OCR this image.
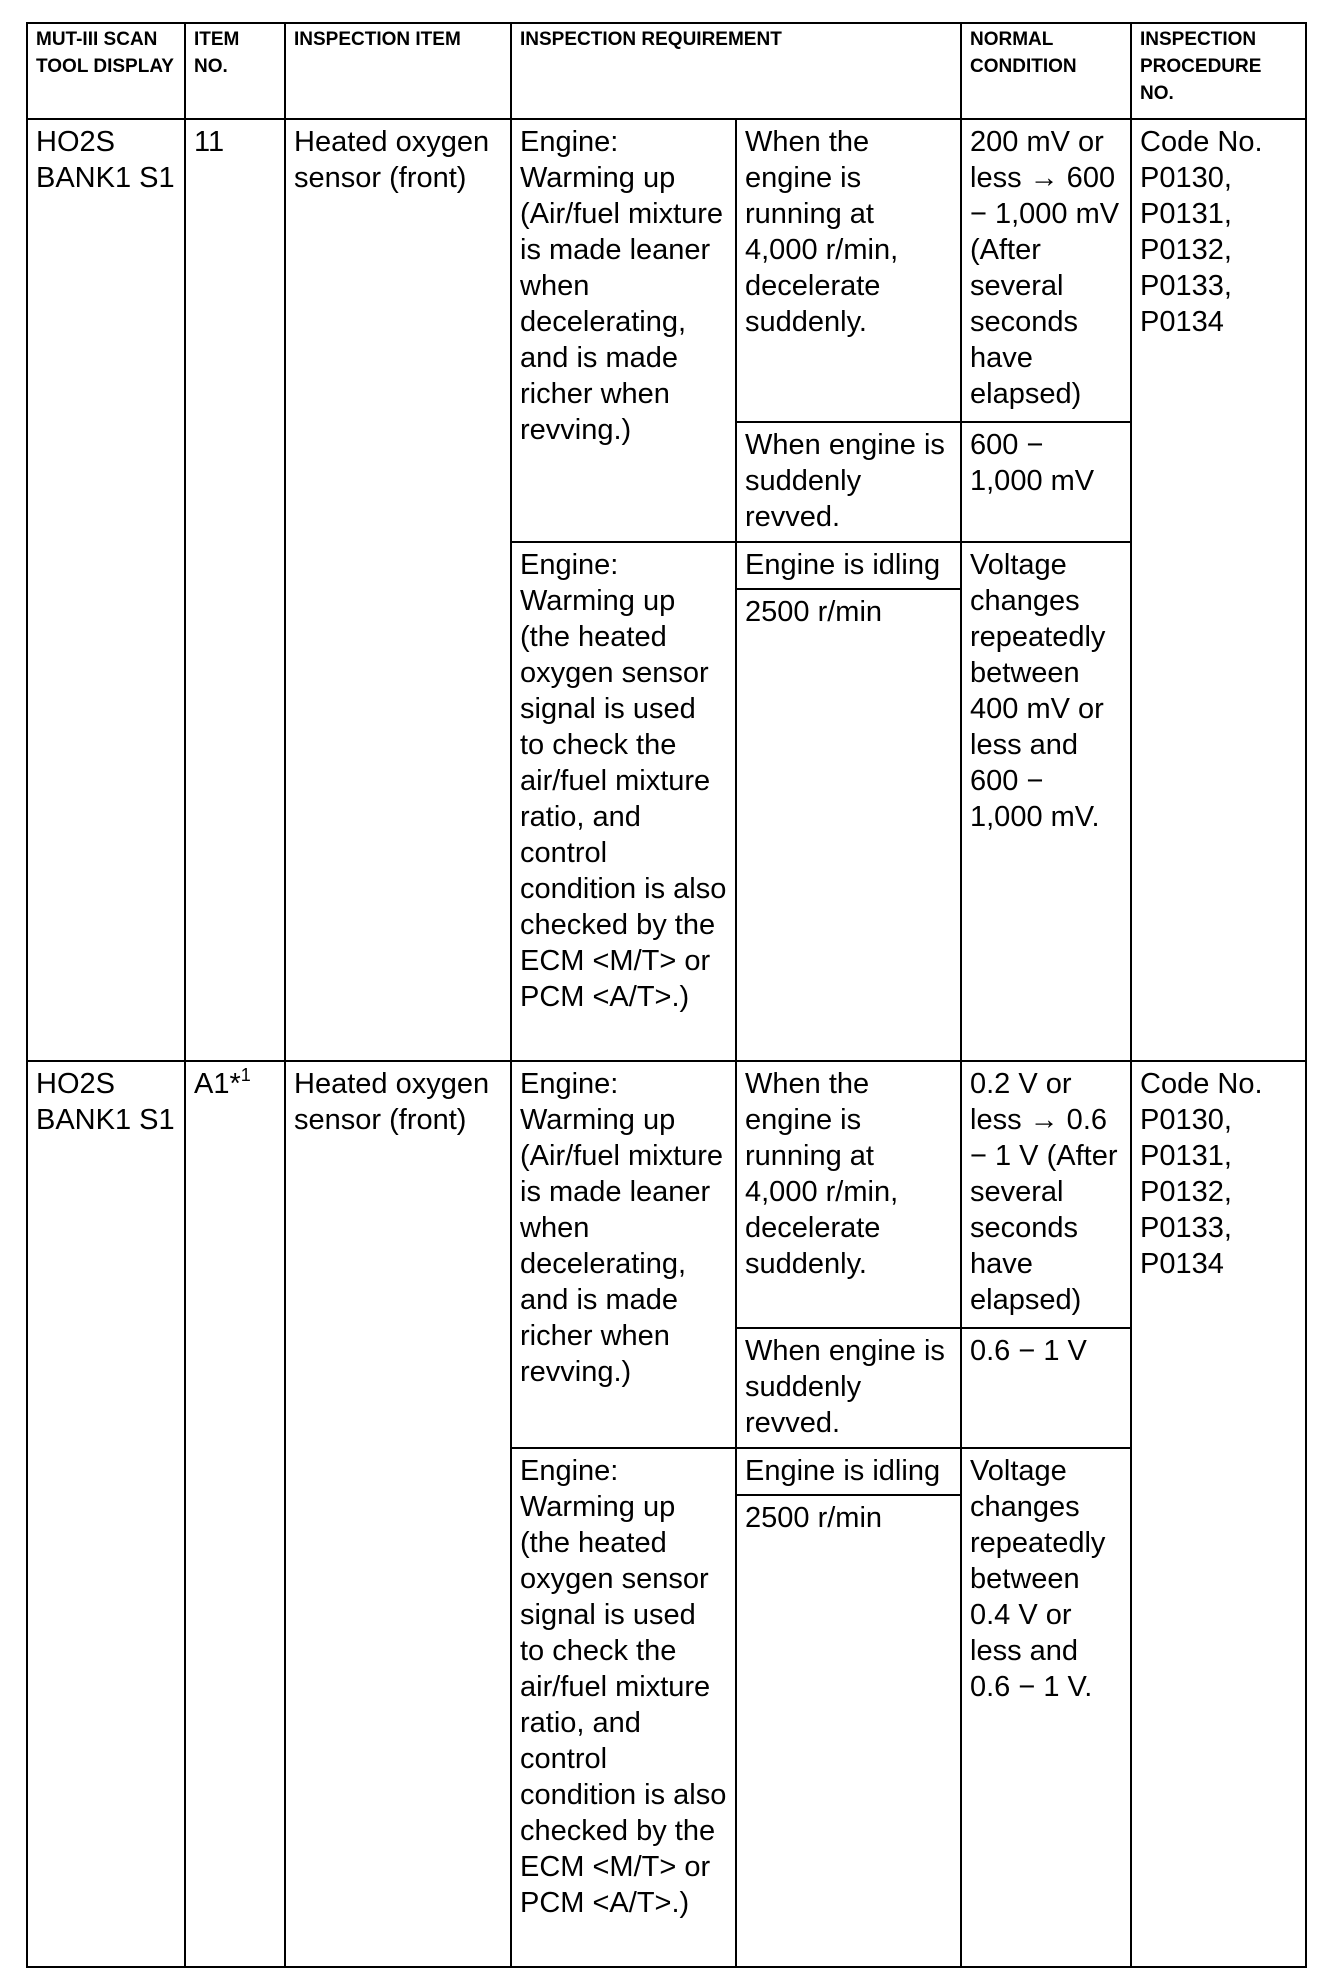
MUT-III SCAN TOOL DISPLAY	ITEM NO.	INSPECTION ITEM	INSPECTION REQUIREMENT		NORMAL CONDITION	INSPECTION PROCEDURE NO.
HO2S BANK1 S1	11	Heated oxygen sensor (front)	Engine: Warming up (Air/fuel mixture is made leaner when decelerating, and is made richer when revving.)	When the engine is running at 4,000 r/min, decelerate suddenly.	200 mV or less → 600 − 1,000 mV (After several seconds have elapsed)	Code No. P0130, P0131, P0132, P0133, P0134
				When engine is suddenly revved.	600 − 1,000 mV	
			Engine: Warming up (the heated oxygen sensor signal is used to check the air/fuel mixture ratio, and control condition is also checked by the ECM <M/T> or PCM <A/T>.)	Engine is idling	Voltage changes repeatedly between 400 mV or less and 600 − 1,000 mV.	
				2500 r/min		
HO2S BANK1 S1	A1*$^1$	Heated oxygen sensor (front)	Engine: Warming up (Air/fuel mixture is made leaner when decelerating, and is made richer when revving.)	When the engine is running at 4,000 r/min, decelerate suddenly.	0.2 V or less → 0.6 − 1 V (After several seconds have elapsed)	Code No. P0130, P0131, P0132, P0133, P0134
				When engine is suddenly revved.	0.6 − 1 V	
			Engine: Warming up (the heated oxygen sensor signal is used to check the air/fuel mixture ratio, and control condition is also checked by the ECM <M/T> or PCM <A/T>.)	Engine is idling	Voltage changes repeatedly between 0.4 V or less and 0.6 − 1 V.	
				2500 r/min		
